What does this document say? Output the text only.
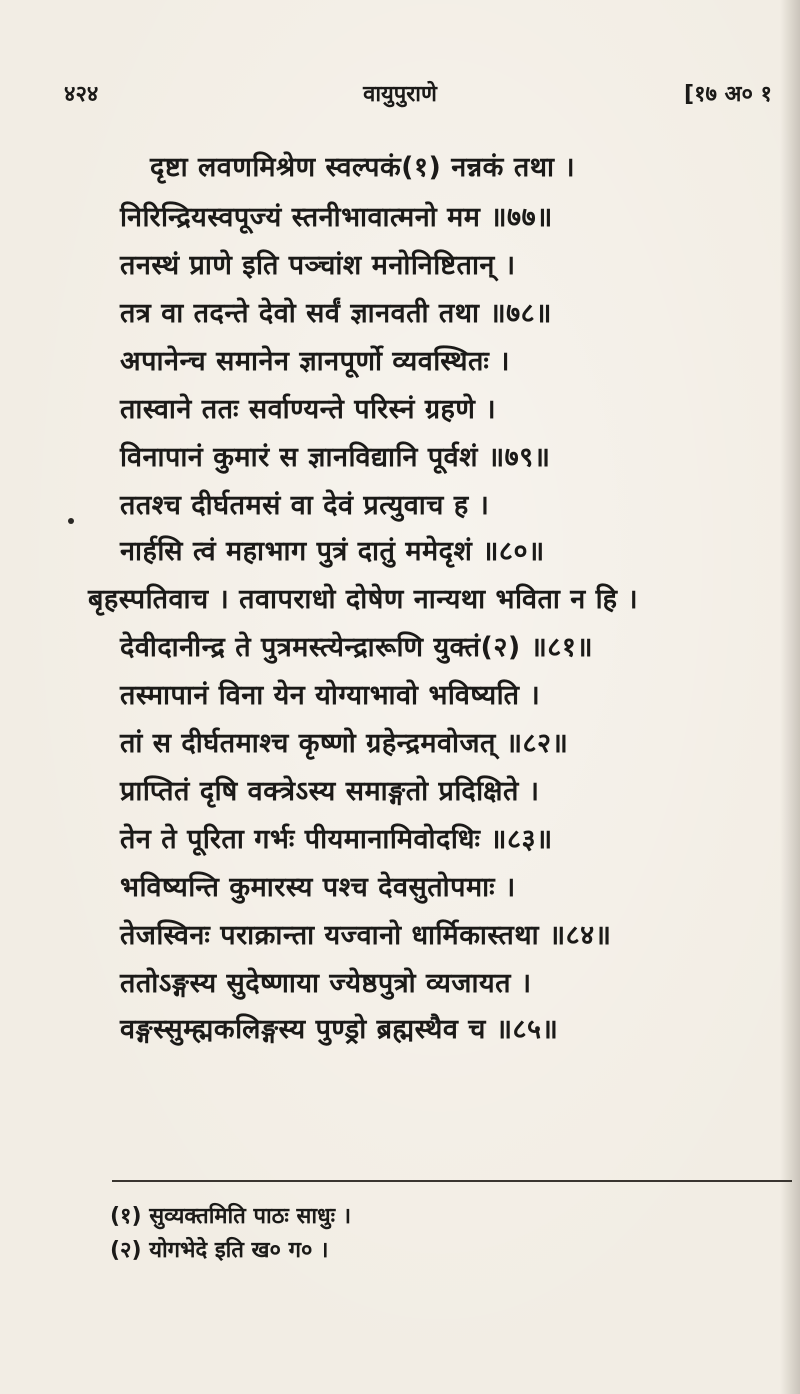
४२४	वायुपुराणे	[१७ अ० १
दृष्टा लवणमिश्रेण स्वल्पकं(१) नन्नकं तथा ।
निरिन्द्रियस्वपूज्यं स्तनीभावात्मनो मम ॥७७॥
तनस्थं प्राणे इति पञ्चांश मनोनिष्टितान् ।
तत्र वा तदन्ते देवो सर्वं ज्ञानवती तथा ॥७८॥
अपानेन्च समानेन ज्ञानपूर्णो व्यवस्थितः ।
तास्वाने ततः सर्वाण्यन्ते परिस्नं ग्रहणे ।
विनापानं कुमारं स ज्ञानविद्यानि पूर्वशं ॥७९॥
ततश्च दीर्घतमसं वा देवं प्रत्युवाच ह ।
नार्हसि त्वं महाभाग पुत्रं दातुं ममेदृशं ॥८०॥
बृहस्पतिवाच । तवापराधो दोषेण नान्यथा भविता न हि ।
देवीदानीन्द्र ते पुत्रमस्त्येन्द्रारूणि युक्तं(२) ॥८१॥
तस्मापानं विना येन योग्याभावो भविष्यति ।
तां स दीर्घतमाश्च कृष्णो ग्रहेन्द्रमवोजत् ॥८२॥
प्राप्तितं दृषि वक्त्रेऽस्य समाङ्गतो प्रदिक्षिते ।
तेन ते पूरिता गर्भः पीयमानामिवोदधिः ॥८३॥
भविष्यन्ति कुमारस्य पश्च देवसुतोपमाः ।
तेजस्विनः पराक्रान्ता यज्वानो धार्मिकास्तथा ॥८४॥
ततोऽङ्गस्य सुदेष्णाया ज्येष्ठपुत्रो व्यजायत ।
वङ्गस्सुम्ह्मकलिङ्गस्य पुण्ड्रो ब्रह्मस्थैव च ॥८५॥
(१) सुव्यक्तमिति पाठः साधुः ।
(२) योगभेदे इति ख० ग० ।
